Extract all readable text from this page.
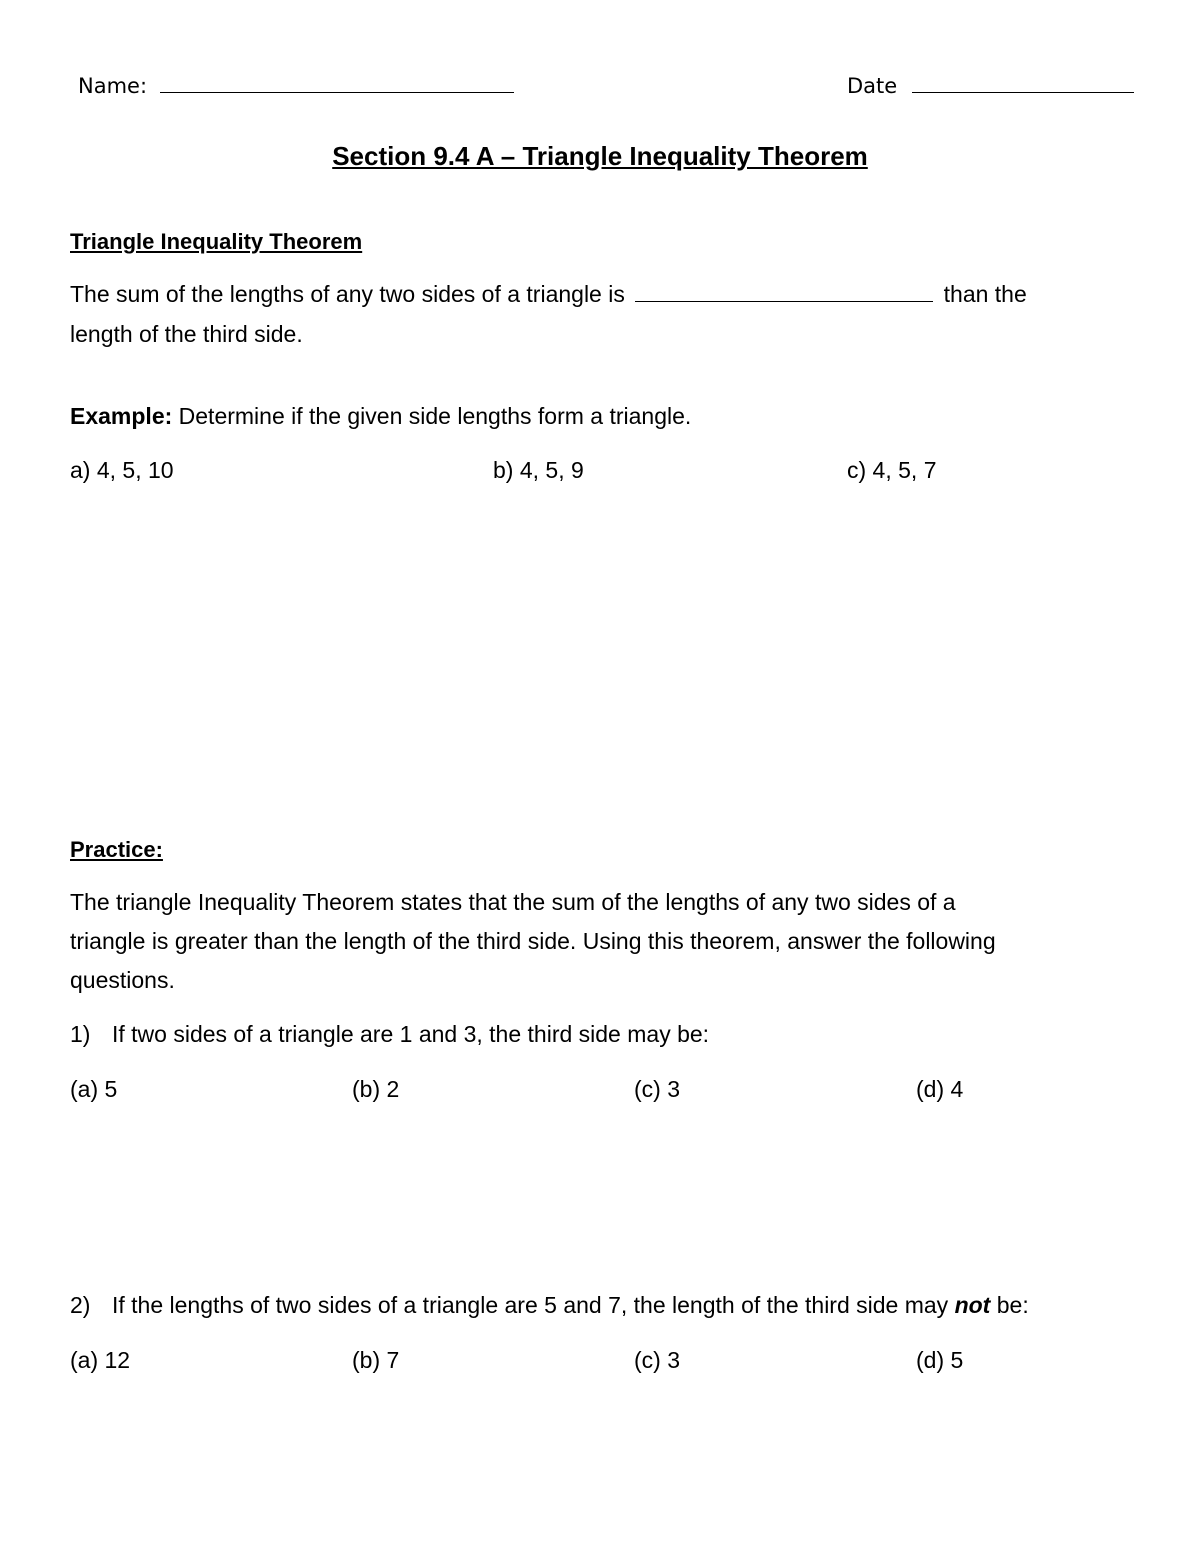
Name:	Date
Section 9.4 A – Triangle Inequality Theorem
Triangle Inequality Theorem
The sum of the lengths of any two sides of a triangle is	than the
length of the third side.
Example: Determine if the given side lengths form a triangle.
a) 4, 5, 10	b) 4, 5, 9	c) 4, 5, 7
Practice:
The triangle Inequality Theorem states that the sum of the lengths of any two sides of a
triangle is greater than the length of the third side. Using this theorem, answer the following
questions.
1) If two sides of a triangle are 1 and 3, the third side may be:
(a) 5	(b) 2	(c) 3	(d) 4
2) If the lengths of two sides of a triangle are 5 and 7, the length of the third side may not be:
(a) 12	(b) 7	(c) 3	(d) 5
